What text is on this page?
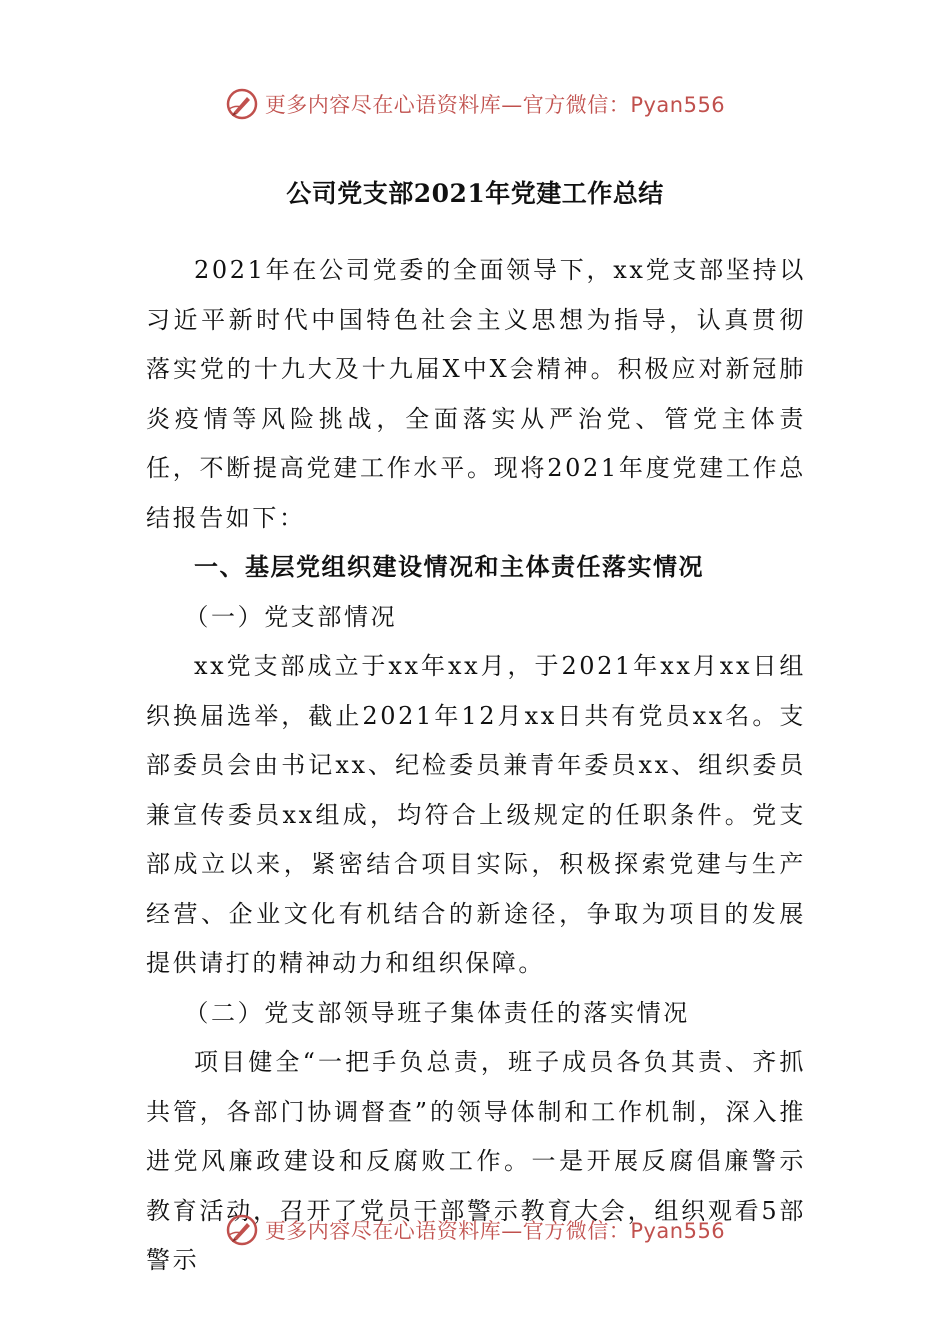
更多内容尽在心语资料库—官方微信：Pyan556
公司党支部2021年党建工作总结

2021年在公司党委的全面领导下，xx党支部坚持以习近平新时代中国特色社会主义思想为指导，认真贯彻落实党的十九大及十九届X中X会精神。积极应对新冠肺炎疫情等风险挑战，全面落实从严治党、管党主体责任，不断提高党建工作水平。现将2021年度党建工作总结报告如下：

一、基层党组织建设情况和主体责任落实情况
（一）党支部情况

xx党支部成立于xx年xx月，于2021年xx月xx日组织换届选举，截止2021年12月xx日共有党员xx名。支部委员会由书记xx、纪检委员兼青年委员xx、组织委员兼宣传委员xx组成，均符合上级规定的任职条件。党支部成立以来，紧密结合项目实际，积极探索党建与生产经营、企业文化有机结合的新途径，争取为项目的发展提供请打的精神动力和组织保障。

（二）党支部领导班子集体责任的落实情况

项目健全“一把手负总责，班子成员各负其责、齐抓共管，各部门协调督查”的领导体制和工作机制，深入推进党风廉政建设和反腐败工作。一是开展反腐倡廉警示教育活动，召开了党员干部警示教育大会，组织观看5部警示

更多内容尽在心语资料库—官方微信：Pyan556
